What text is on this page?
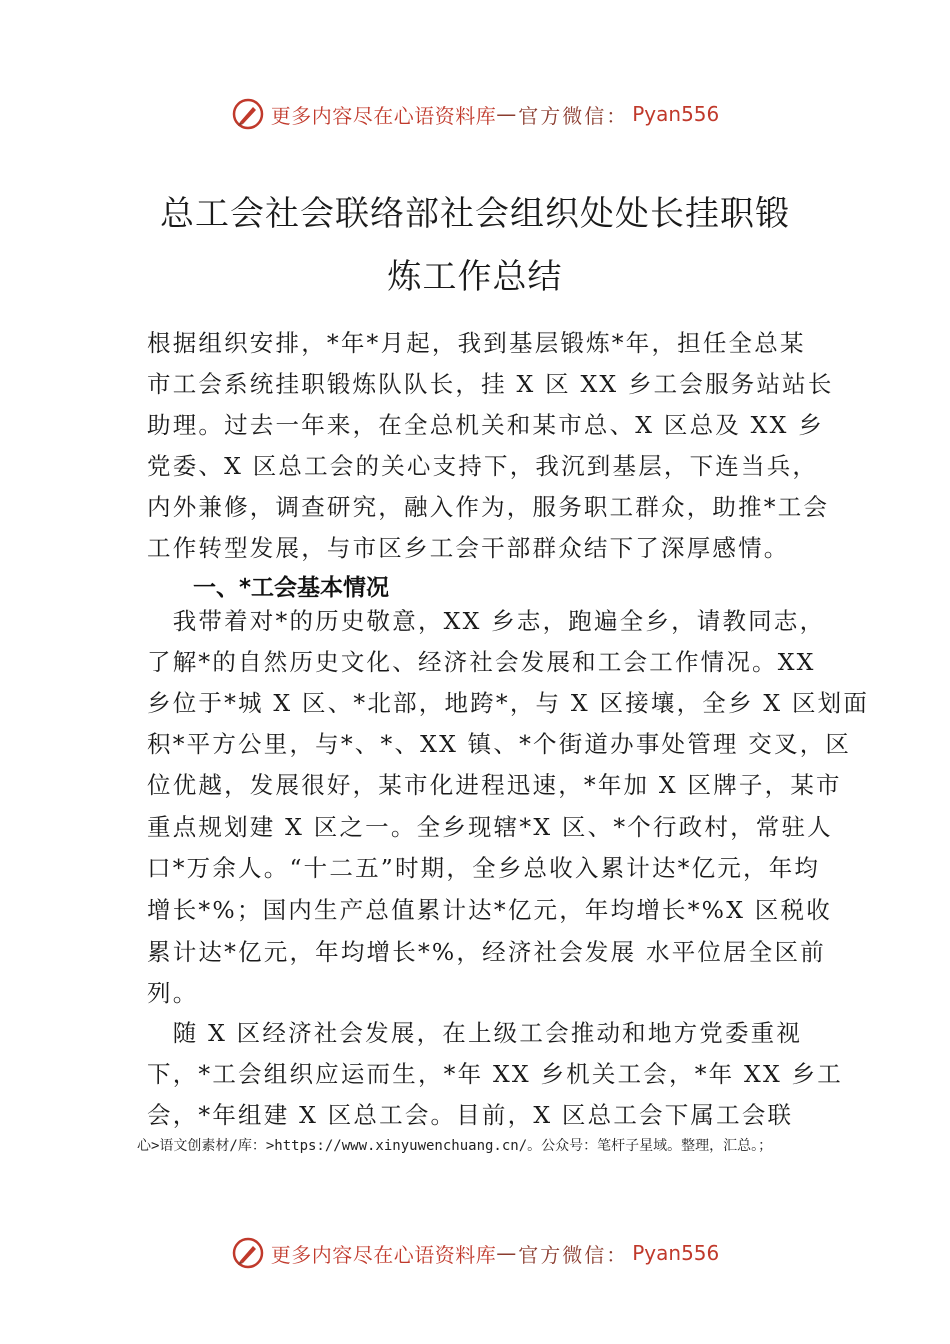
更多内容尽在心语资料库 — 官方微信： Pyan556
总工会社会联络部社会组织处处长挂职锻
炼工作总结
根据组织安排，*年*月起，我到基层锻炼*年，担任全总某
市工会系统挂职锻炼队队长，挂 X 区 XX 乡工会服务站站长
助理。过去一年来，在全总机关和某市总、X 区总及 XX 乡
党委、X 区总工会的关心支持下，我沉到基层，下连当兵，
内外兼修，调查研究，融入作为，服务职工群众，助推*工会
工作转型发展，与市区乡工会干部群众结下了深厚感情。
一、*工会基本情况
　我带着对*的历史敬意，XX 乡志，跑遍全乡，请教同志，
了解*的自然历史文化、经济社会发展和工会工作情况。XX
乡位于*城 X 区、*北部，地跨*，与 X 区接壤，全乡 X 区划面
积*平方公里，与*、*、XX 镇、*个街道办事处管理 交叉，区
位优越，发展很好，某市化进程迅速，*年加 X 区牌子，某市
重点规划建 X 区之一。全乡现辖*X 区、*个行政村，常驻人
口*万余人。“十二五”时期，全乡总收入累计达*亿元，年均
增长*%；国内生产总值累计达*亿元，年均增长*%X 区税收
累计达*亿元，年均增长*%，经济社会发展 水平位居全区前
列。
　随 X 区经济社会发展，在上级工会推动和地方党委重视
下，*工会组织应运而生，*年 XX 乡机关工会，*年 XX 乡工
会，*年组建 X 区总工会。目前，X 区总工会下属工会联
心>语文创素材/库：>https://www.xinyuwenchuang.cn/。公众号：笔杆子星域。整理，汇总。；
更多内容尽在心语资料库 — 官方微信： Pyan556
